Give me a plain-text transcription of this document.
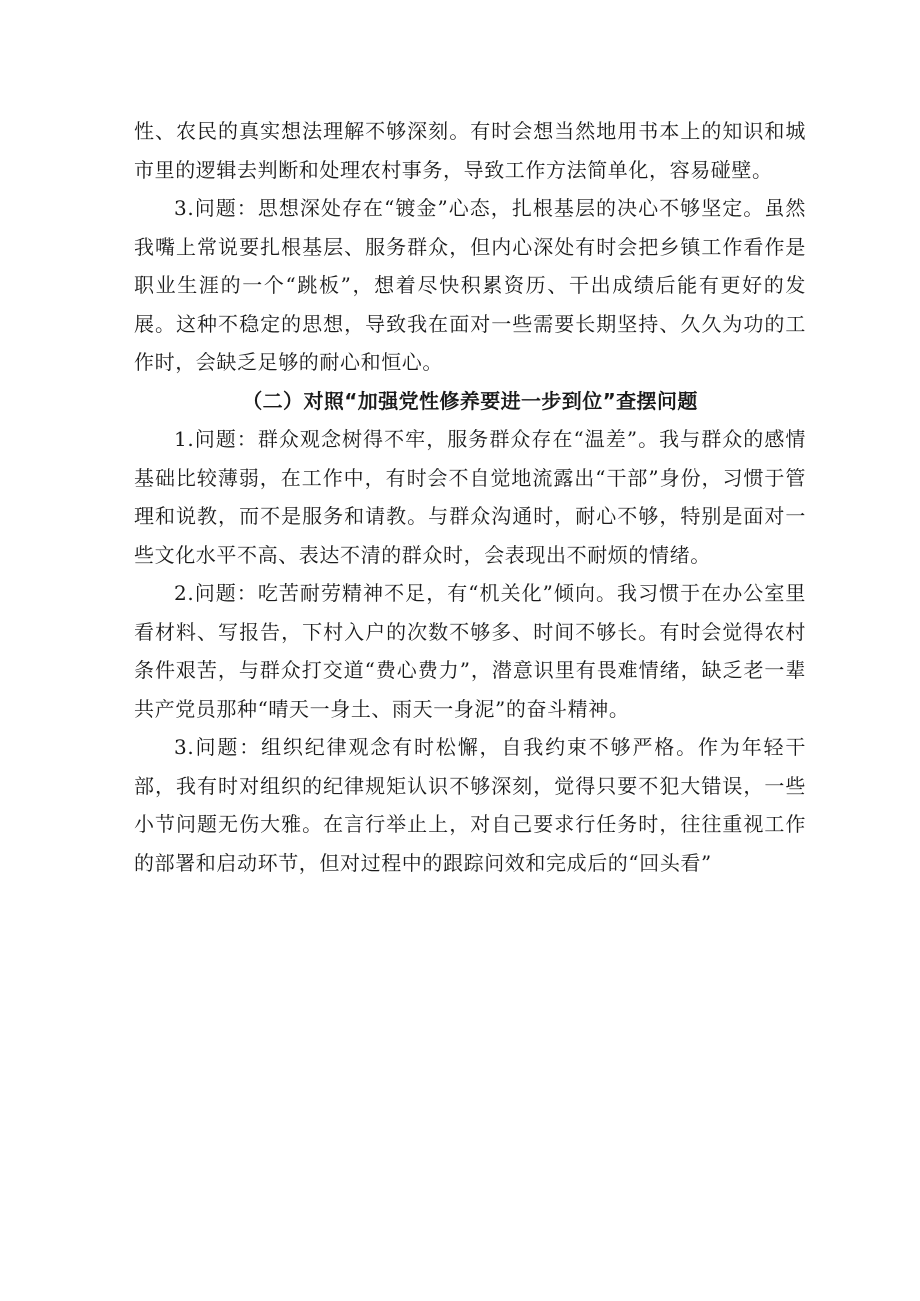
性、农民的真实想法理解不够深刻。有时会想当然地用书本上的知识和城市里的逻辑去判断和处理农村事务，导致工作方法简单化，容易碰壁。

3.问题：思想深处存在“镀金”心态，扎根基层的决心不够坚定。虽然我嘴上常说要扎根基层、服务群众，但内心深处有时会把乡镇工作看作是职业生涯的一个“跳板”，想着尽快积累资历、干出成绩后能有更好的发展。这种不稳定的思想，导致我在面对一些需要长期坚持、久久为功的工作时，会缺乏足够的耐心和恒心。

（二）对照“加强党性修养要进一步到位”查摆问题

1.问题：群众观念树得不牢，服务群众存在“温差”。我与群众的感情基础比较薄弱，在工作中，有时会不自觉地流露出“干部”身份，习惯于管理和说教，而不是服务和请教。与群众沟通时，耐心不够，特别是面对一些文化水平不高、表达不清的群众时，会表现出不耐烦的情绪。

2.问题：吃苦耐劳精神不足，有“机关化”倾向。我习惯于在办公室里看材料、写报告，下村入户的次数不够多、时间不够长。有时会觉得农村条件艰苦，与群众打交道“费心费力”，潜意识里有畏难情绪，缺乏老一辈共产党员那种“晴天一身土、雨天一身泥”的奋斗精神。

3.问题：组织纪律观念有时松懈，自我约束不够严格。作为年轻干部，我有时对组织的纪律规矩认识不够深刻，觉得只要不犯大错误，一些小节问题无伤大雅。在言行举止上，对自己要求行任务时，往往重视工作的部署和启动环节，但对过程中的跟踪问效和完成后的“回头看”
